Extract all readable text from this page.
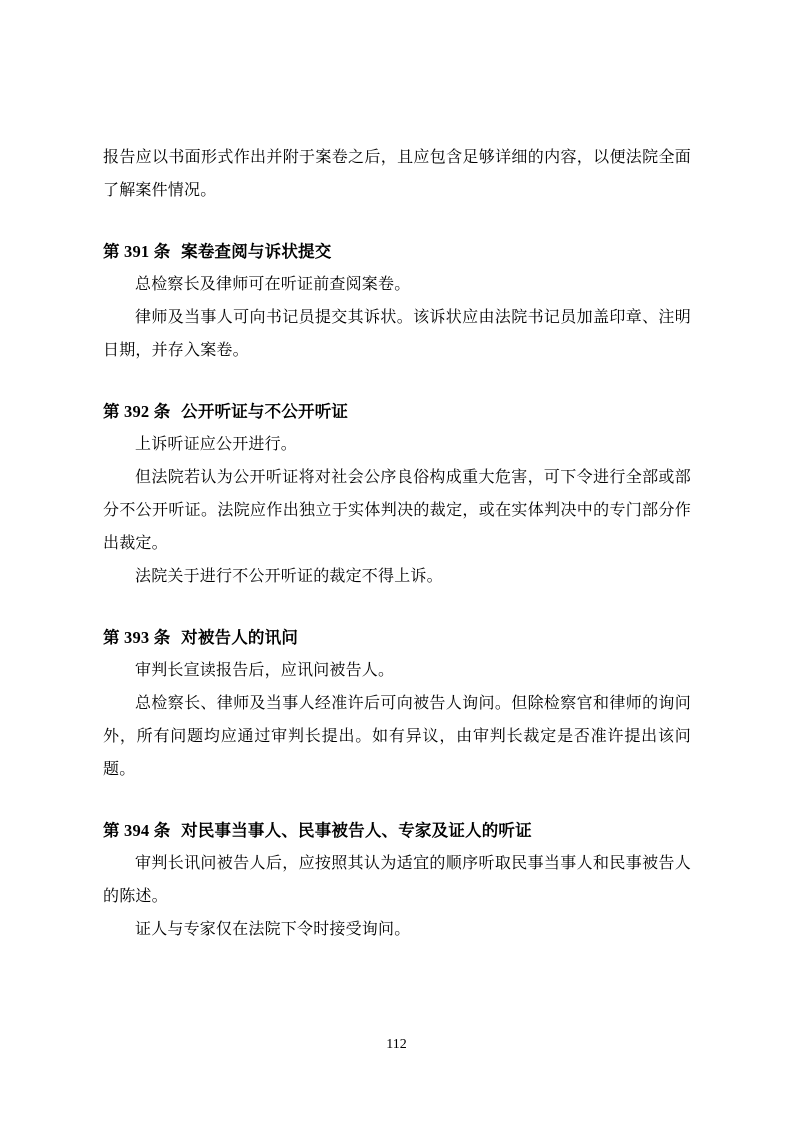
报告应以书面形式作出并附于案卷之后，且应包含足够详细的内容，以便法院全面了解案件情况。

第 391 条 案卷查阅与诉状提交

总检察长及律师可在听证前查阅案卷。

律师及当事人可向书记员提交其诉状。该诉状应由法院书记员加盖印章、注明日期，并存入案卷。

第 392 条 公开听证与不公开听证

上诉听证应公开进行。

但法院若认为公开听证将对社会公序良俗构成重大危害，可下令进行全部或部分不公开听证。法院应作出独立于实体判决的裁定，或在实体判决中的专门部分作出裁定。

法院关于进行不公开听证的裁定不得上诉。

第 393 条 对被告人的讯问

审判长宣读报告后，应讯问被告人。

总检察长、律师及当事人经准许后可向被告人询问。但除检察官和律师的询问外，所有问题均应通过审判长提出。如有异议，由审判长裁定是否准许提出该问题。

第 394 条 对民事当事人、民事被告人、专家及证人的听证

审判长讯问被告人后，应按照其认为适宜的顺序听取民事当事人和民事被告人的陈述。

证人与专家仅在法院下令时接受询问。

112
